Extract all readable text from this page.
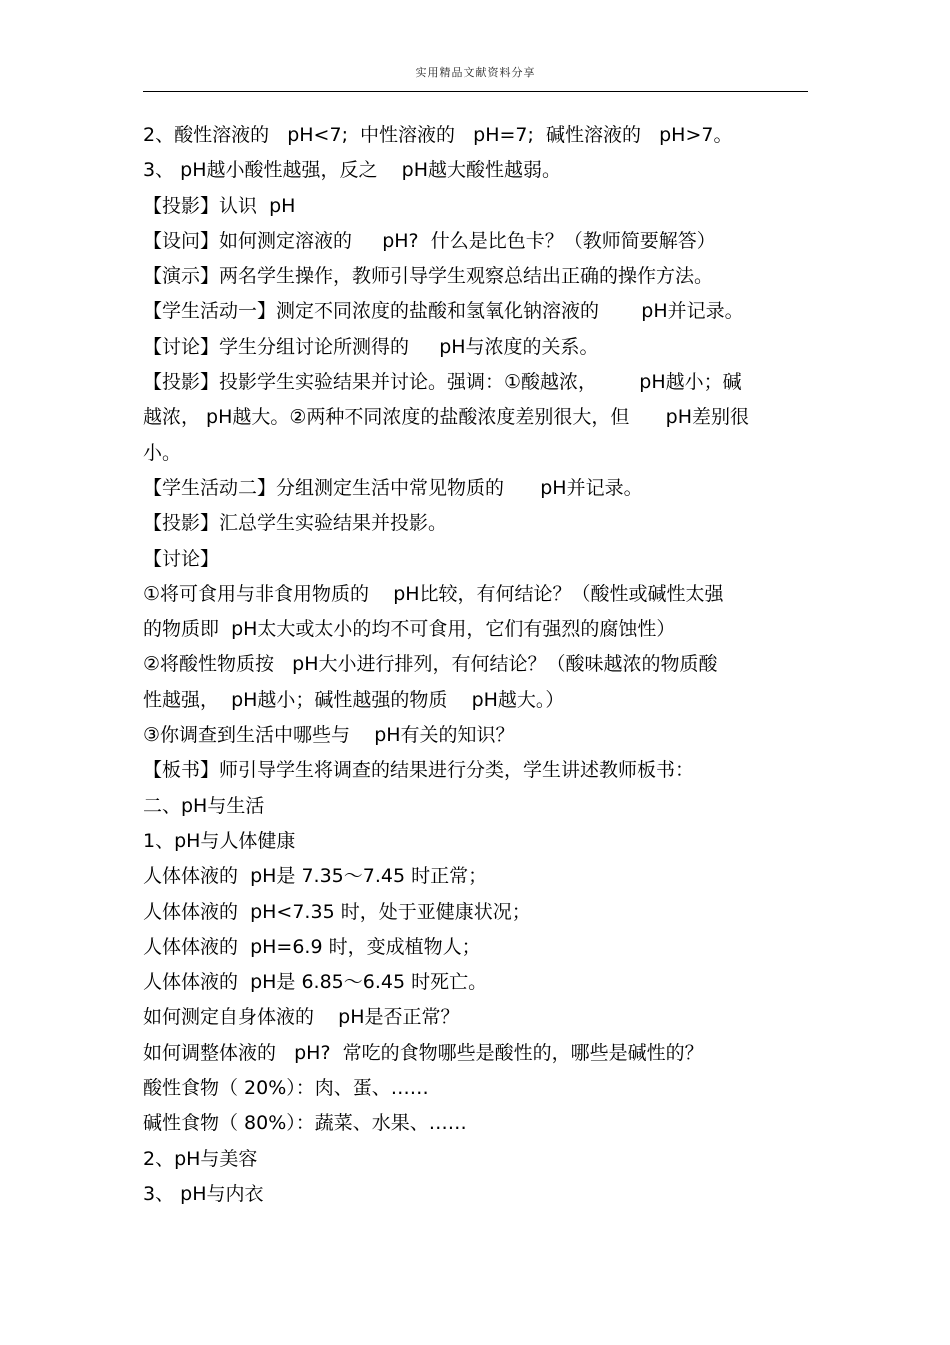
实用精品文献资料分享
2、酸性溶液的   pH<7;  中性溶液的   pH=7;  碱性溶液的   pH>7。
3、 pH越小酸性越强，反之    pH越大酸性越弱。
【投影】认识  pH
【设问】如何测定溶液的     pH?  什么是比色卡？（教师简要解答）
【演示】两名学生操作，教师引导学生观察总结出正确的操作方法。
【学生活动一】测定不同浓度的盐酸和氢氧化钠溶液的       pH并记录。
【讨论】学生分组讨论所测得的     pH与浓度的关系。
【投影】投影学生实验结果并讨论。强调：①酸越浓，       pH越小；碱
越浓， pH越大。②两种不同浓度的盐酸浓度差别很大，但      pH差别很
小。
【学生活动二】分组测定生活中常见物质的      pH并记录。
【投影】汇总学生实验结果并投影。
【讨论】
①将可食用与非食用物质的    pH比较，有何结论？（酸性或碱性太强
的物质即  pH太大或太小的均不可食用，它们有强烈的腐蚀性）
②将酸性物质按   pH大小进行排列，有何结论？（酸味越浓的物质酸
性越强，  pH越小；碱性越强的物质    pH越大。）
③你调查到生活中哪些与    pH有关的知识？
【板书】师引导学生将调查的结果进行分类，学生讲述教师板书：
二、pH与生活
1、pH与人体健康
人体体液的  pH是 7.35～7.45 时正常；
人体体液的  pH<7.35 时，处于亚健康状况；
人体体液的  pH=6.9 时，变成植物人；
人体体液的  pH是 6.85～6.45 时死亡。
如何测定自身体液的    pH是否正常？
如何调整体液的   pH?  常吃的食物哪些是酸性的，哪些是碱性的？
酸性食物（ 20%）：肉、蛋、……
碱性食物（ 80%）：蔬菜、水果、……
2、pH与美容
3、 pH与内衣
